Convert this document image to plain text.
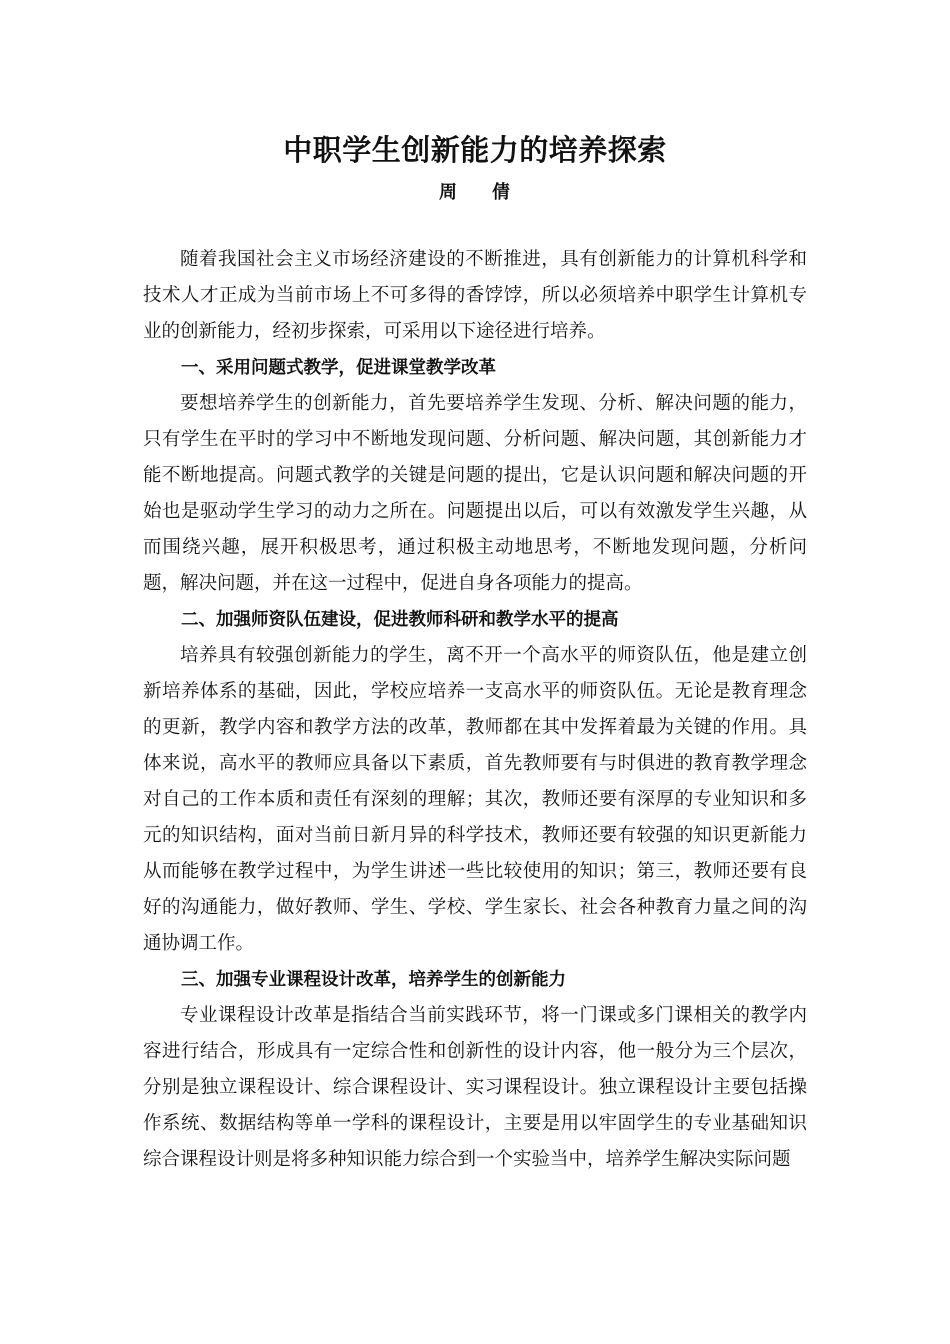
中职学生创新能力的培养探索
周 倩

随着我国社会主义市场经济建设的不断推进，具有创新能力的计算机科学和技术人才正成为当前市场上不可多得的香饽饽，所以必须培养中职学生计算机专业的创新能力，经初步探索，可采用以下途径进行培养。

一、采用问题式教学，促进课堂教学改革

要想培养学生的创新能力，首先要培养学生发现、分析、解决问题的能力，只有学生在平时的学习中不断地发现问题、分析问题、解决问题，其创新能力才能不断地提高。问题式教学的关键是问题的提出，它是认识问题和解决问题的开始也是驱动学生学习的动力之所在。问题提出以后，可以有效激发学生兴趣，从而围绕兴趣，展开积极思考，通过积极主动地思考，不断地发现问题，分析问题，解决问题，并在这一过程中，促进自身各项能力的提高。

二、加强师资队伍建设，促进教师科研和教学水平的提高

培养具有较强创新能力的学生，离不开一个高水平的师资队伍，他是建立创新培养体系的基础，因此，学校应培养一支高水平的师资队伍。无论是教育理念的更新，教学内容和教学方法的改革，教师都在其中发挥着最为关键的作用。具体来说，高水平的教师应具备以下素质，首先教师要有与时俱进的教育教学理念对自己的工作本质和责任有深刻的理解；其次，教师还要有深厚的专业知识和多元的知识结构，面对当前日新月异的科学技术，教师还要有较强的知识更新能力从而能够在教学过程中，为学生讲述一些比较使用的知识；第三，教师还要有良好的沟通能力，做好教师、学生、学校、学生家长、社会各种教育力量之间的沟通协调工作。

三、加强专业课程设计改革，培养学生的创新能力

专业课程设计改革是指结合当前实践环节，将一门课或多门课相关的教学内容进行结合，形成具有一定综合性和创新性的设计内容，他一般分为三个层次，分别是独立课程设计、综合课程设计、实习课程设计。独立课程设计主要包括操作系统、数据结构等单一学科的课程设计，主要是用以牢固学生的专业基础知识综合课程设计则是将多种知识能力综合到一个实验当中，培养学生解决实际问题
